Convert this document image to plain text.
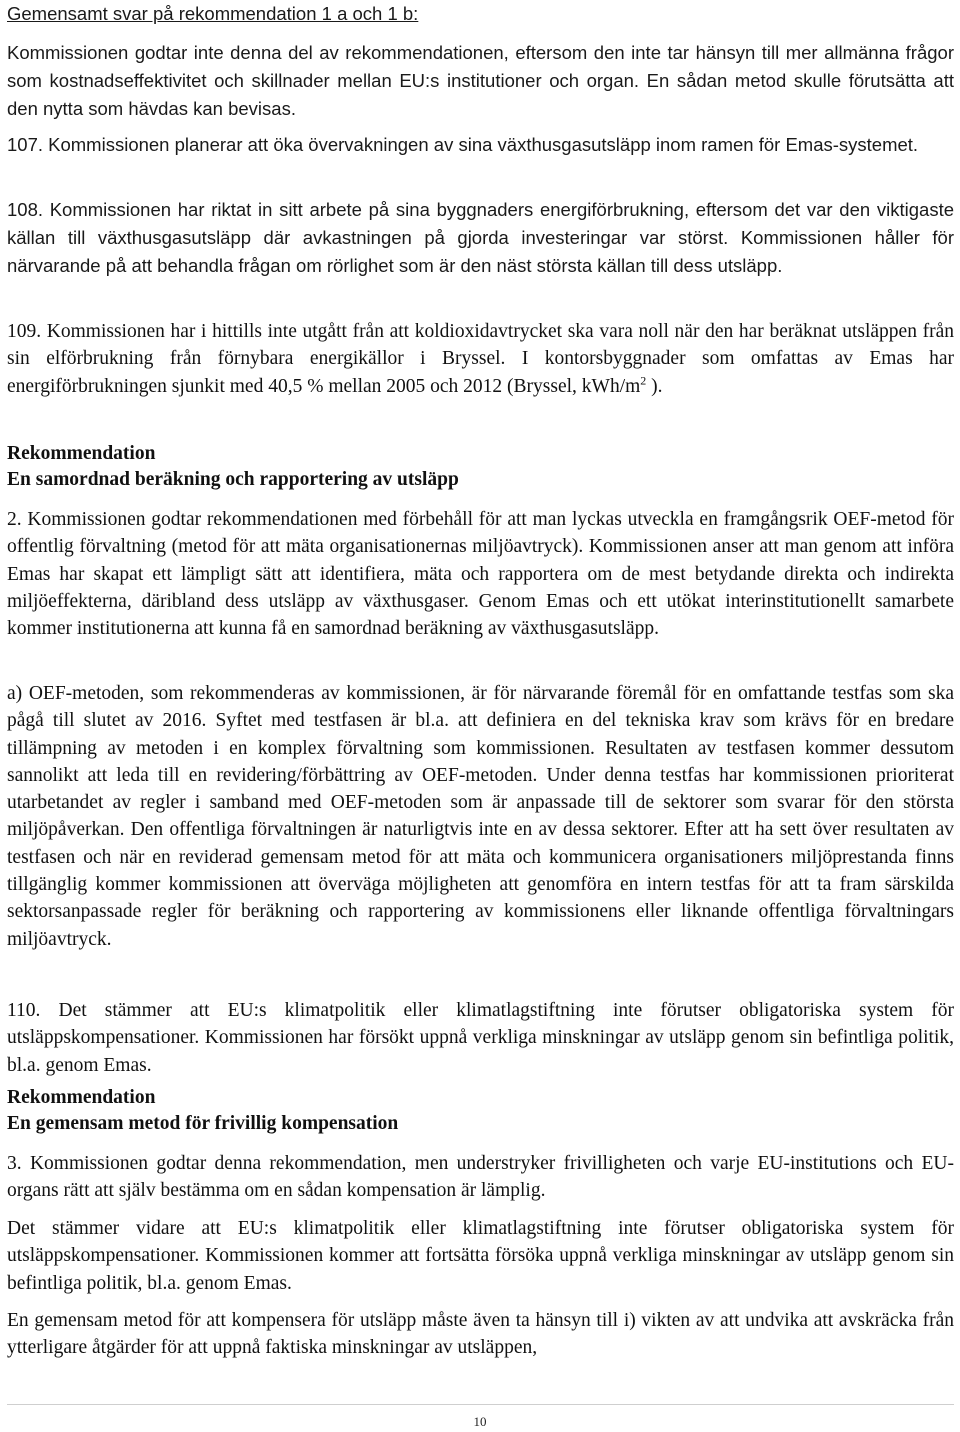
Gemensamt svar på rekommendation 1 a och 1 b:

Kommissionen godtar inte denna del av rekommendationen, eftersom den inte tar hänsyn till mer allmänna frågor som kostnadseffektivitet och skillnader mellan EU:s institutioner och organ. En sådan metod skulle förutsätta att den nytta som hävdas kan bevisas.

107. Kommissionen planerar att öka övervakningen av sina växthusgasutsläpp inom ramen för Emas-systemet.

108. Kommissionen har riktat in sitt arbete på sina byggnaders energiförbrukning, eftersom det var den viktigaste källan till växthusgasutsläpp där avkastningen på gjorda investeringar var störst. Kommissionen håller för närvarande på att behandla frågan om rörlighet som är den näst största källan till dess utsläpp.

109. Kommissionen har i hittills inte utgått från att koldioxidavtrycket ska vara noll när den har beräknat utsläppen från sin elförbrukning från förnybara energikällor i Bryssel. I kontorsbyggnader som omfattas av Emas har energiförbrukningen sjunkit med 40,5 % mellan 2005 och 2012 (Bryssel, kWh/$m^2$ ).

Rekommendation

En samordnad beräkning och rapportering av utsläpp

2. Kommissionen godtar rekommendationen med förbehåll för att man lyckas utveckla en framgångsrik OEF-metod för offentlig förvaltning (metod för att mäta organisationernas miljöavtryck). Kommissionen anser att man genom att införa Emas har skapat ett lämpligt sätt att identifiera, mäta och rapportera om de mest betydande direkta och indirekta miljöeffekterna, däribland dess utsläpp av växthusgaser. Genom Emas och ett utökat interinstitutionellt samarbete kommer institutionerna att kunna få en samordnad beräkning av växthusgasutsläpp.

a) OEF-metoden, som rekommenderas av kommissionen, är för närvarande föremål för en omfattande testfas som ska pågå till slutet av 2016. Syftet med testfasen är bl.a. att definiera en del tekniska krav som krävs för en bredare tillämpning av metoden i en komplex förvaltning som kommissionen. Resultaten av testfasen kommer dessutom sannolikt att leda till en revidering/förbättring av OEF-metoden. Under denna testfas har kommissionen prioriterat utarbetandet av regler i samband med OEF-metoden som är anpassade till de sektorer som svarar för den största miljöpåverkan. Den offentliga förvaltningen är naturligtvis inte en av dessa sektorer. Efter att ha sett över resultaten av testfasen och när en reviderad gemensam metod för att mäta och kommunicera organisationers miljöprestanda finns tillgänglig kommer kommissionen att överväga möjligheten att genomföra en intern testfas för att ta fram särskilda sektorsanpassade regler för beräkning och rapportering av kommissionens eller liknande offentliga förvaltningars miljöavtryck.

110. Det stämmer att EU:s klimatpolitik eller klimatlagstiftning inte förutser obligatoriska system för utsläppskompensationer. Kommissionen har försökt uppnå verkliga minskningar av utsläpp genom sin befintliga politik, bl.a. genom Emas.

Rekommendation

En gemensam metod för frivillig kompensation

3. Kommissionen godtar denna rekommendation, men understryker frivilligheten och varje EU-institutions och EU-organs rätt att själv bestämma om en sådan kompensation är lämplig.

Det stämmer vidare att EU:s klimatpolitik eller klimatlagstiftning inte förutser obligatoriska system för utsläppskompensationer. Kommissionen kommer att fortsätta försöka uppnå verkliga minskningar av utsläpp genom sin befintliga politik, bl.a. genom Emas.

En gemensam metod för att kompensera för utsläpp måste även ta hänsyn till i) vikten av att undvika att avskräcka från ytterligare åtgärder för att uppnå faktiska minskningar av utsläppen,

10
